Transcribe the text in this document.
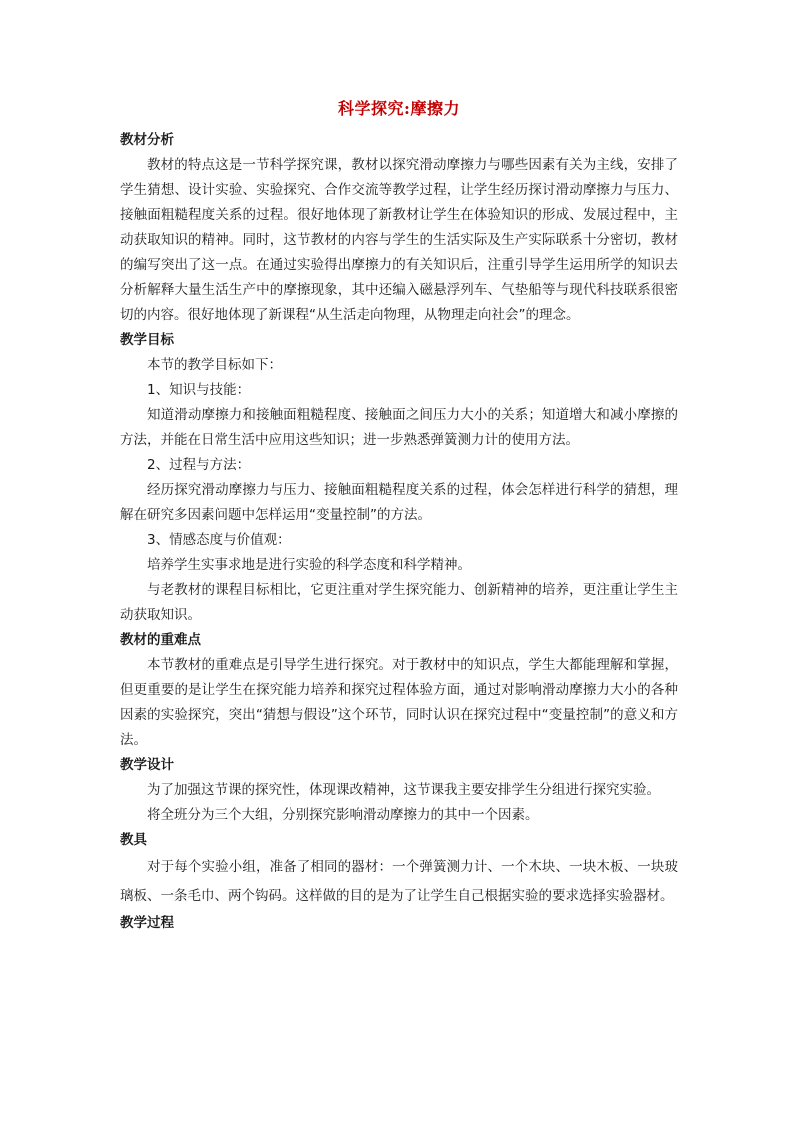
科学探究:摩擦力
教材分析

教材的特点这是一节科学探究课，教材以探究滑动摩擦力与哪些因素有关为主线，安排了学生猜想、设计实验、实验探究、合作交流等教学过程，让学生经历探讨滑动摩擦力与压力、接触面粗糙程度关系的过程。很好地体现了新教材让学生在体验知识的形成、发展过程中，主动获取知识的精神。同时，这节教材的内容与学生的生活实际及生产实际联系十分密切，教材的编写突出了这一点。在通过实验得出摩擦力的有关知识后，注重引导学生运用所学的知识去分析解释大量生活生产中的摩擦现象，其中还编入磁悬浮列车、气垫船等与现代科技联系很密切的内容。很好地体现了新课程“从生活走向物理，从物理走向社会”的理念。

教学目标

本节的教学目标如下：

1、知识与技能：

知道滑动摩擦力和接触面粗糙程度、接触面之间压力大小的关系；知道增大和减小摩擦的方法，并能在日常生活中应用这些知识；进一步熟悉弹簧测力计的使用方法。

2、过程与方法：

经历探究滑动摩擦力与压力、接触面粗糙程度关系的过程，体会怎样进行科学的猜想，理解在研究多因素问题中怎样运用“变量控制”的方法。

3、情感态度与价值观：

培养学生实事求地是进行实验的科学态度和科学精神。

与老教材的课程目标相比，它更注重对学生探究能力、创新精神的培养，更注重让学生主动获取知识。

教材的重难点

本节教材的重难点是引导学生进行探究。对于教材中的知识点，学生大都能理解和掌握，但更重要的是让学生在探究能力培养和探究过程体验方面，通过对影响滑动摩擦力大小的各种因素的实验探究，突出“猜想与假设”这个环节，同时认识在探究过程中“变量控制”的意义和方法。

教学设计

为了加强这节课的探究性，体现课改精神，这节课我主要安排学生分组进行探究实验。

将全班分为三个大组，分别探究影响滑动摩擦力的其中一个因素。

教具

对于每个实验小组，准备了相同的器材：一个弹簧测力计、一个木块、一块木板、一块玻璃板、一条毛巾、两个钩码。这样做的目的是为了让学生自己根据实验的要求选择实验器材。

教学过程
